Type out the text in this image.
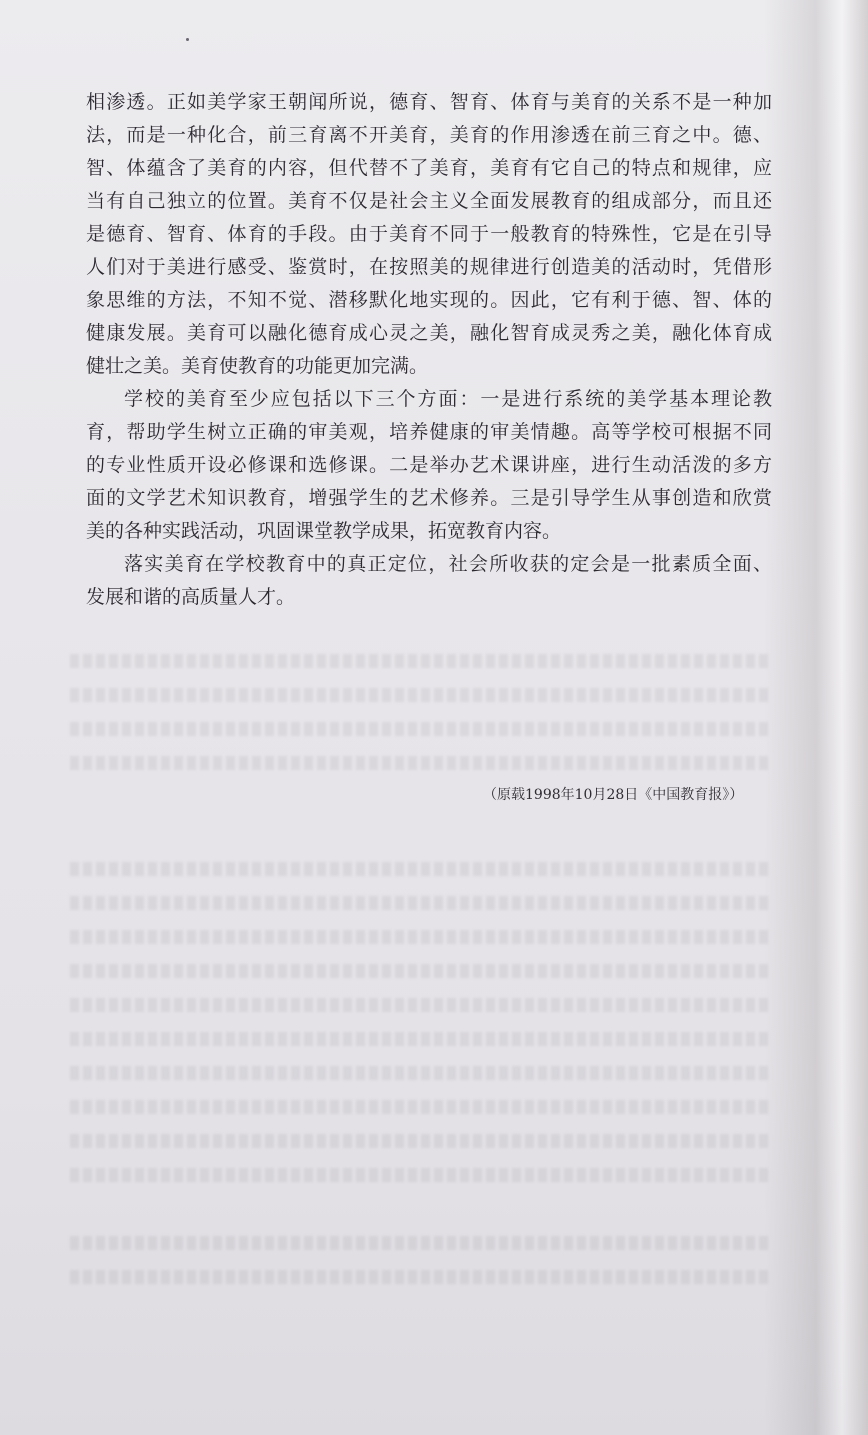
相渗透。正如美学家王朝闻所说，德育、智育、体育与美育的关系不是一种加
法，而是一种化合，前三育离不开美育，美育的作用渗透在前三育之中。德、
智、体蕴含了美育的内容，但代替不了美育，美育有它自己的特点和规律，应
当有自己独立的位置。美育不仅是社会主义全面发展教育的组成部分，而且还
是德育、智育、体育的手段。由于美育不同于一般教育的特殊性，它是在引导
人们对于美进行感受、鉴赏时，在按照美的规律进行创造美的活动时，凭借形
象思维的方法，不知不觉、潜移默化地实现的。因此，它有利于德、智、体的
健康发展。美育可以融化德育成心灵之美，融化智育成灵秀之美，融化体育成
健壮之美。美育使教育的功能更加完满。
学校的美育至少应包括以下三个方面：一是进行系统的美学基本理论教
育，帮助学生树立正确的审美观，培养健康的审美情趣。高等学校可根据不同
的专业性质开设必修课和选修课。二是举办艺术课讲座，进行生动活泼的多方
面的文学艺术知识教育，增强学生的艺术修养。三是引导学生从事创造和欣赏
美的各种实践活动，巩固课堂教学成果，拓宽教育内容。
落实美育在学校教育中的真正定位，社会所收获的定会是一批素质全面、
发展和谐的高质量人才。
（原载1998年10月28日《中国教育报》）
